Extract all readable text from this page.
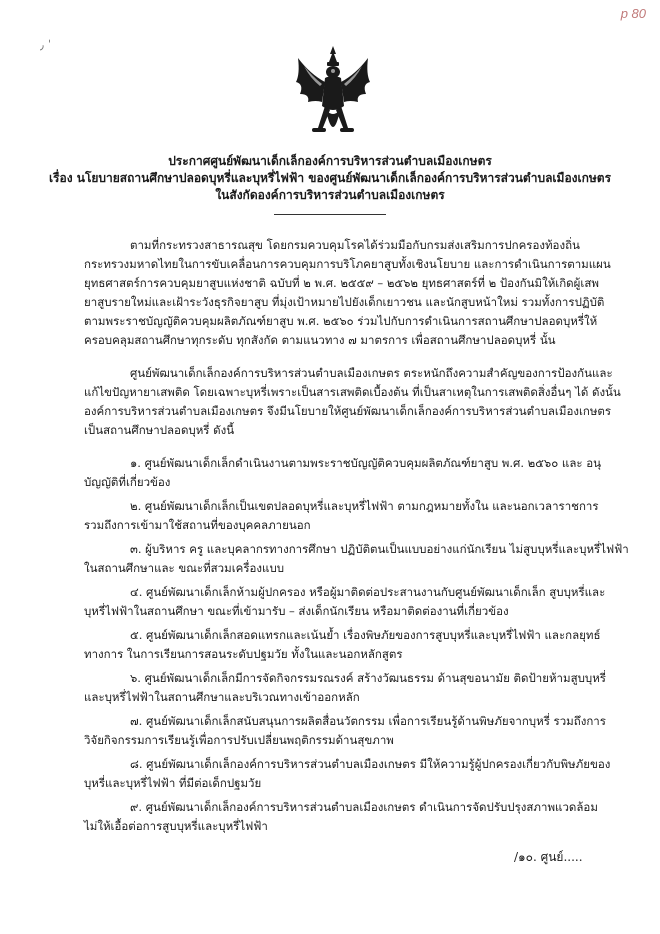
p 80
٫ ˈ
ประกาศศูนย์พัฒนาเด็กเล็กองค์การบริหารส่วนตำบลเมืองเกษตร
เรื่อง นโยบายสถานศึกษาปลอดบุหรี่และบุหรี่ไฟฟ้า ของศูนย์พัฒนาเด็กเล็กองค์การบริหารส่วนตำบลเมืองเกษตร
ในสังกัดองค์การบริหารส่วนตำบลเมืองเกษตร

ตามที่กระทรวงสาธารณสุข โดยกรมควบคุมโรคได้ร่วมมือกับกรมส่งเสริมการปกครองท้องถิ่น กระทรวงมหาดไทยในการขับเคลื่อนการควบคุมการบริโภคยาสูบทั้งเชิงนโยบาย และการดำเนินการตามแผนยุทธศาสตร์การควบคุมยาสูบแห่งชาติ ฉบับที่ ๒ พ.ศ. ๒๕๕๙ – ๒๕๖๒ ยุทธศาสตร์ที่ ๒ ป้องกันมิให้เกิดผู้เสพยาสูบรายใหม่และเฝ้าระวังธุรกิจยาสูบ ที่มุ่งเป้าหมายไปยังเด็กเยาวชน และนักสูบหน้าใหม่ รวมทั้งการปฏิบัติตามพระราชบัญญัติควบคุมผลิตภัณฑ์ยาสูบ พ.ศ. ๒๕๖๐ ร่วมไปกับการดำเนินการสถานศึกษาปลอดบุหรี่ให้ครอบคลุมสถานศึกษาทุกระดับ ทุกสังกัด ตามแนวทาง ๗ มาตรการ เพื่อสถานศึกษาปลอดบุหรี่ นั้น

ศูนย์พัฒนาเด็กเล็กองค์การบริหารส่วนตำบลเมืองเกษตร ตระหนักถึงความสำคัญของการป้องกันและแก้ไขปัญหายาเสพติด โดยเฉพาะบุหรี่เพราะเป็นสารเสพติดเบื้องต้น ที่เป็นสาเหตุในการเสพติดสิ่งอื่นๆ ได้ ดังนั้นองค์การบริหารส่วนตำบลเมืองเกษตร จึงมีนโยบายให้ศูนย์พัฒนาเด็กเล็กองค์การบริหารส่วนตำบลเมืองเกษตรเป็นสถานศึกษาปลอดบุหรี่ ดังนี้

๑. ศูนย์พัฒนาเด็กเล็กดำเนินงานตามพระราชบัญญัติควบคุมผลิตภัณฑ์ยาสูบ พ.ศ. ๒๕๖๐ และ อนุ
บัญญัติที่เกี่ยวข้อง
๒. ศูนย์พัฒนาเด็กเล็กเป็นเขตปลอดบุหรี่และบุหรี่ไฟฟ้า ตามกฎหมายทั้งใน และนอกเวลาราชการ
รวมถึงการเข้ามาใช้สถานที่ของบุคคลภายนอก
๓. ผู้บริหาร ครู และบุคลากรทางการศึกษา ปฏิบัติตนเป็นแบบอย่างแก่นักเรียน ไม่สูบบุหรี่และบุหรี่ไฟฟ้า
ในสถานศึกษาและ ขณะที่สวมเครื่องแบบ
๔. ศูนย์พัฒนาเด็กเล็กห้ามผู้ปกครอง หรือผู้มาติดต่อประสานงานกับศูนย์พัฒนาเด็กเล็ก สูบบุหรี่และ
บุหรี่ไฟฟ้าในสถานศึกษา ขณะที่เข้ามารับ – ส่งเด็กนักเรียน หรือมาติดต่องานที่เกี่ยวข้อง
๕. ศูนย์พัฒนาเด็กเล็กสอดแทรกและเน้นย้ำ เรื่องพิษภัยของการสูบบุหรี่และบุหรี่ไฟฟ้า และกลยุทธ์
ทางการ ในการเรียนการสอนระดับปฐมวัย ทั้งในและนอกหลักสูตร
๖. ศูนย์พัฒนาเด็กเล็กมีการจัดกิจกรรมรณรงค์ สร้างวัฒนธรรม ด้านสุขอนามัย ติดป้ายห้ามสูบบุหรี่
และบุหรี่ไฟฟ้าในสถานศึกษาและบริเวณทางเข้าออกหลัก
๗. ศูนย์พัฒนาเด็กเล็กสนับสนุนการผลิตสื่อนวัตกรรม เพื่อการเรียนรู้ด้านพิษภัยจากบุหรี่ รวมถึงการ
วิจัยกิจกรรมการเรียนรู้เพื่อการปรับเปลี่ยนพฤติกรรมด้านสุขภาพ
๘. ศูนย์พัฒนาเด็กเล็กองค์การบริหารส่วนตำบลเมืองเกษตร มีให้ความรู้ผู้ปกครองเกี่ยวกับพิษภัยของ
บุหรี่และบุหรี่ไฟฟ้า ที่มีต่อเด็กปฐมวัย
๙. ศูนย์พัฒนาเด็กเล็กองค์การบริหารส่วนตำบลเมืองเกษตร ดำเนินการจัดปรับปรุงสภาพแวดล้อม
ไม่ให้เอื้อต่อการสูบบุหรี่และบุหรี่ไฟฟ้า
/๑๐. ศูนย์.....
